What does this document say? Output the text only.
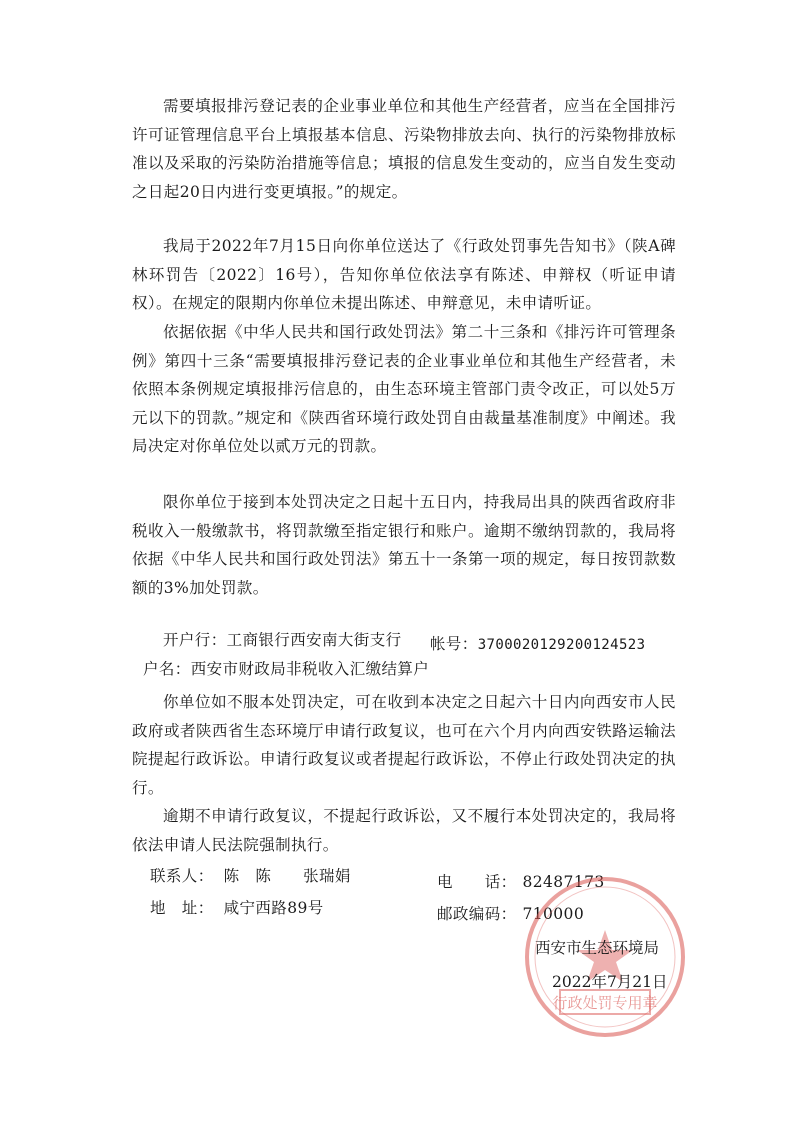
需要填报排污登记表的企业事业单位和其他生产经营者，应当在全国排污许可证管理信息平台上填报基本信息、污染物排放去向、执行的污染物排放标准以及采取的污染防治措施等信息；填报的信息发生变动的，应当自发生变动之日起20日内进行变更填报。”的规定。

我局于2022年7月15日向你单位送达了《行政处罚事先告知书》（陕A碑林环罚告〔2022〕16号），告知你单位依法享有陈述、申辩权（听证申请权）。在规定的限期内你单位未提出陈述、申辩意见，未申请听证。

依据依据《中华人民共和国行政处罚法》第二十三条和《排污许可管理条例》第四十三条“需要填报排污登记表的企业事业单位和其他生产经营者，未依照本条例规定填报排污信息的，由生态环境主管部门责令改正，可以处5万元以下的罚款。”规定和《陕西省环境行政处罚自由裁量基准制度》中阐述。我局决定对你单位处以贰万元的罚款。

限你单位于接到本处罚决定之日起十五日内，持我局出具的陕西省政府非税收入一般缴款书，将罚款缴至指定银行和账户。逾期不缴纳罚款的，我局将依据《中华人民共和国行政处罚法》第五十一条第一项的规定，每日按罚款数额的3%加处罚款。

开户行：工商银行西安南大街支行 帐号：3700020129200124523
户名：西安市财政局非税收入汇缴结算户

你单位如不服本处罚决定，可在收到本决定之日起六十日内向西安市人民政府或者陕西省生态环境厅申请行政复议，也可在六个月内向西安铁路运输法院提起行政诉讼。申请行政复议或者提起行政诉讼，不停止行政处罚决定的执行。

逾期不申请行政复议，不提起行政诉讼，又不履行本处罚决定的，我局将依法申请人民法院强制执行。

联系人： 陈　陈　　张瑞娟	电　　话： 82487173
地　址： 咸宁西路89号	邮政编码： 710000
行政处罚专用章
西安市生态环境局
2022年7月21日
